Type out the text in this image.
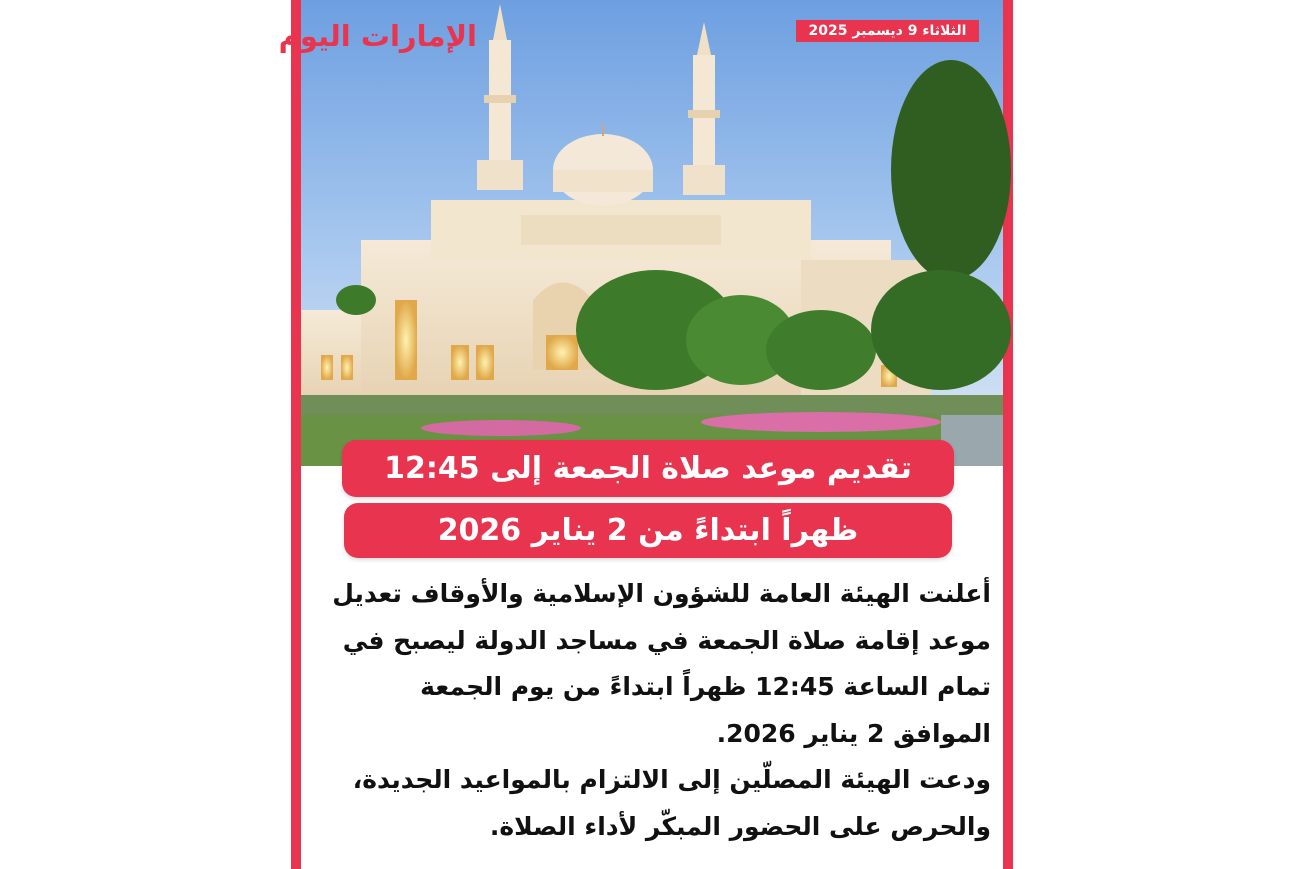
الإمارات اليوم	الثلاثاء 9 ديسمبر 2025
تقديم موعد صلاة الجمعة إلى 12:45
ظهراً ابتداءً من 2 يناير 2026
أعلنت الهيئة العامة للشؤون الإسلامية والأوقاف تعديل
موعد إقامة صلاة الجمعة في مساجد الدولة ليصبح في
تمام الساعة 12:45 ظهراً ابتداءً من يوم الجمعة
الموافق 2 يناير 2026.
ودعت الهيئة المصلّين إلى الالتزام بالمواعيد الجديدة،
والحرص على الحضور المبكّر لأداء الصلاة.
